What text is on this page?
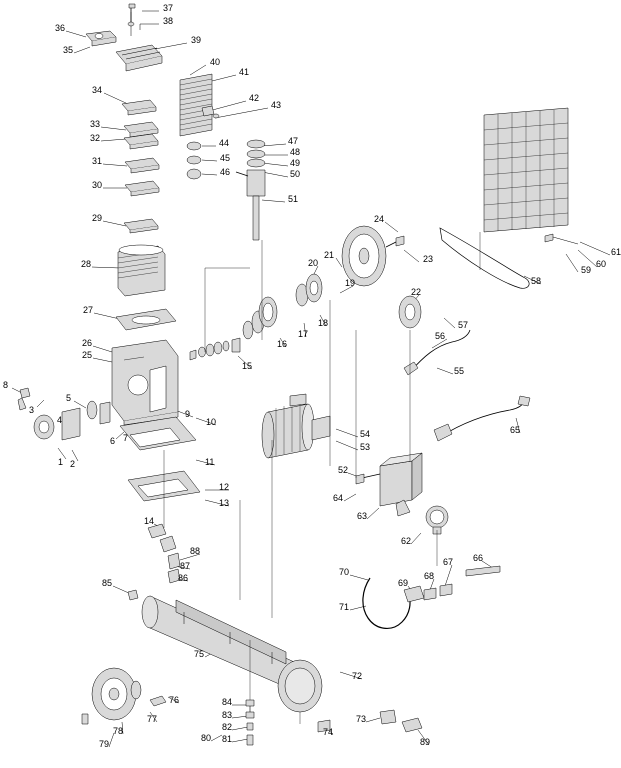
37
38
36
39
35
40
41
34
42
43
33
32	44	47
48
45	49
31
46	50
30
51
29	24
61
21	23
20
28
59
60
58
19
22
27
18
17
57
56
16
26
25
15	55
8
3
5
9
10
4
54
53
65
6 7
1 2	11
52
12
64
13
63
14
62
88
87
66
67
86
70	68
85	69
71
75
72
76	84
83	73
77
74
82
78
80 81	89
79
